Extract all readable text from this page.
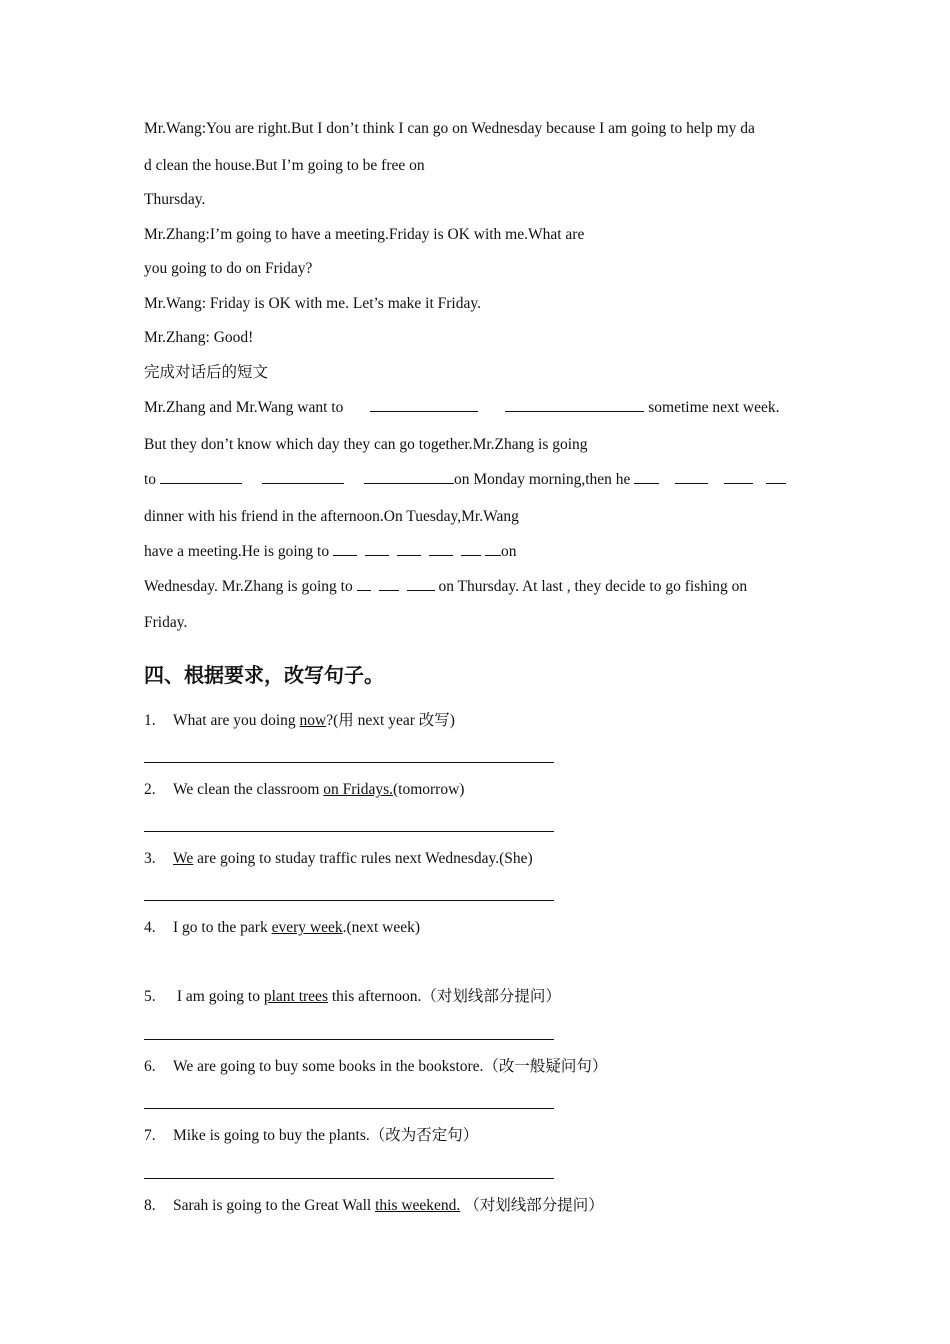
Mr.Wang:You are right.But I don’t think I can go on Wednesday because I am going to help my da
d clean the house.But I’m going to be free on
Thursday.
Mr.Zhang:I’m going to have a meeting.Friday is OK with me.What are
you going to do on Friday?
Mr.Wang: Friday is OK with me. Let’s make it Friday.
Mr.Zhang: Good!
完成对话后的短文
Mr.Zhang and Mr.Wang want to	sometime next week.
But they don’t know which day they can go together.Mr.Zhang is going
to	on Monday morning,then he
dinner with his friend in the afternoon.On Tuesday,Mr.Wang
have a meeting.He is going to	on
Wednesday. Mr.Zhang is going to	on Thursday. At last , they decide to go fishing on
Friday.
四、根据要求，改写句子。
1. What are you doing now?(用 next year 改写)
2. We clean the classroom on Fridays.(tomorrow)
3. We are going to studay traffic rules next Wednesday.(She)
4. I go to the park every week.(next week)
5. I am going to plant trees this afternoon.（对划线部分提问）
6. We are going to buy some books in the bookstore.（改一般疑问句）
7. Mike is going to buy the plants.（改为否定句）
8. Sarah is going to the Great Wall this weekend. （对划线部分提问）
